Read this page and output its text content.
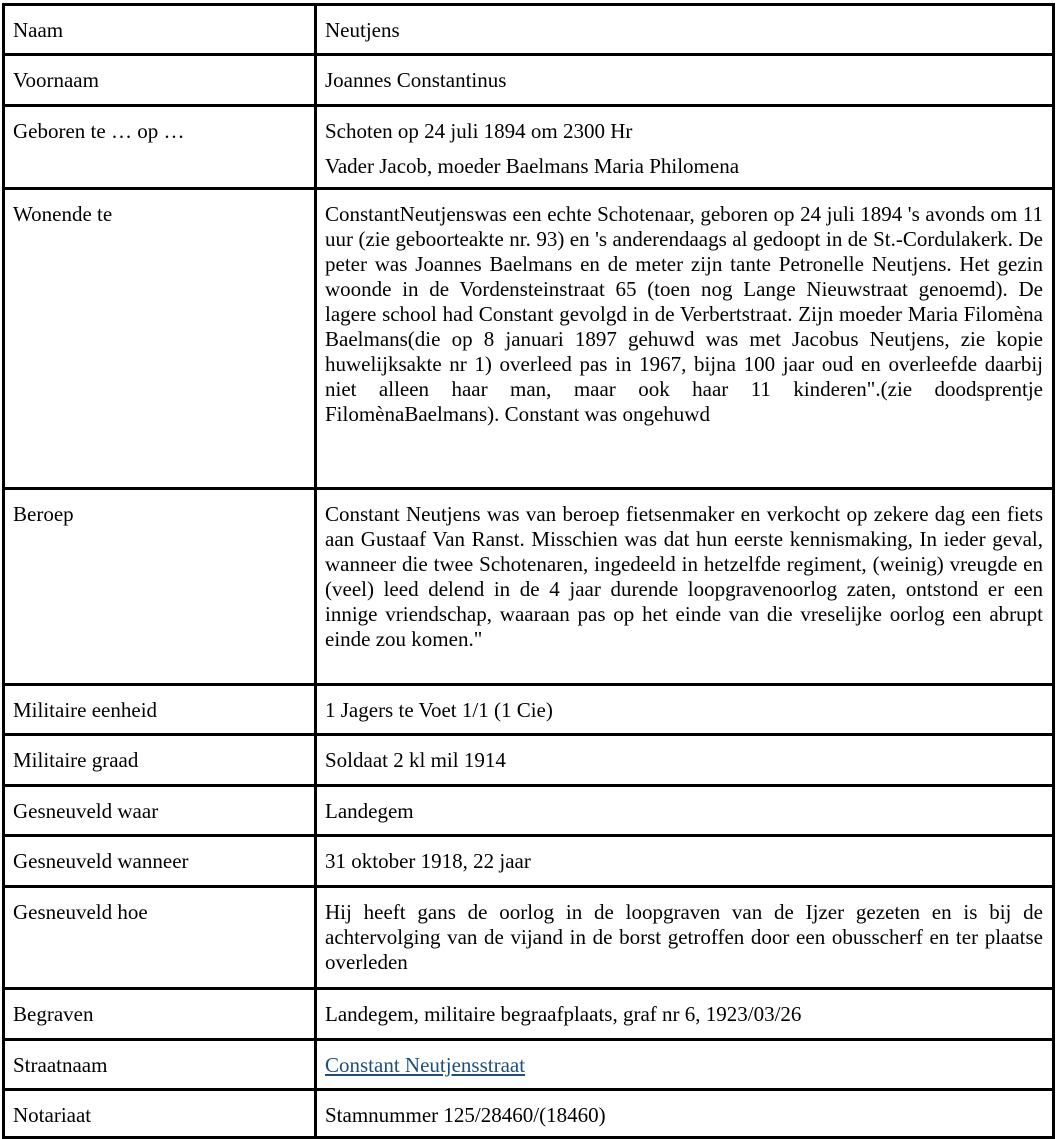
Naam	Neutjens

Voornaam	Joannes Constantinus

Geboren te … op …	Schoten op 24 juli 1894 om 2300 Hr

Vader Jacob, moeder Baelmans Maria Philomena

Wonende te	ConstantNeutjenswas een echte Schotenaar, geboren op 24 juli 1894 's avonds om 11 uur (zie geboorteakte nr. 93) en 's anderendaags al gedoopt in de St.-Cordulakerk. De peter was Joannes Baelmans en de meter zijn tante Petronelle Neutjens. Het gezin woonde in de Vordensteinstraat 65 (toen nog Lange Nieuwstraat genoemd). De lagere school had Constant gevolgd in de Verbertstraat. Zijn moeder Maria Filomèna Baelmans(die op 8 januari 1897 gehuwd was met Jacobus Neutjens, zie kopie huwelijksakte nr 1) overleed pas in 1967, bijna 100 jaar oud en overleefde daarbij niet alleen haar man, maar ook haar 11 kinderen".(zie doodsprentje FilomènaBaelmans). Constant was ongehuwd

Beroep	Constant Neutjens was van beroep fietsenmaker en verkocht op zekere dag een fiets aan Gustaaf Van Ranst. Misschien was dat hun eerste kennismaking, In ieder geval, wanneer die twee Schotenaren, ingedeeld in hetzelfde regiment, (weinig) vreugde en (veel) leed delend in de 4 jaar durende loopgravenoorlog zaten, ontstond er een innige vriendschap, waaraan pas op het einde van die vreselijke oorlog een abrupt einde zou komen."

Militaire eenheid	1 Jagers te Voet 1/1 (1 Cie)

Militaire graad	Soldaat 2 kl mil 1914

Gesneuveld waar	Landegem

Gesneuveld wanneer	31 oktober 1918, 22 jaar

Gesneuveld hoe	Hij heeft gans de oorlog in de loopgraven van de Ijzer gezeten en is bij de achtervolging van de vijand in de borst getroffen door een obusscherf en ter plaatse overleden

Begraven	Landegem, militaire begraafplaats, graf nr 6, 1923/03/26

Straatnaam	Constant Neutjensstraat

Notariaat	Stamnummer 125/28460/(18460)
